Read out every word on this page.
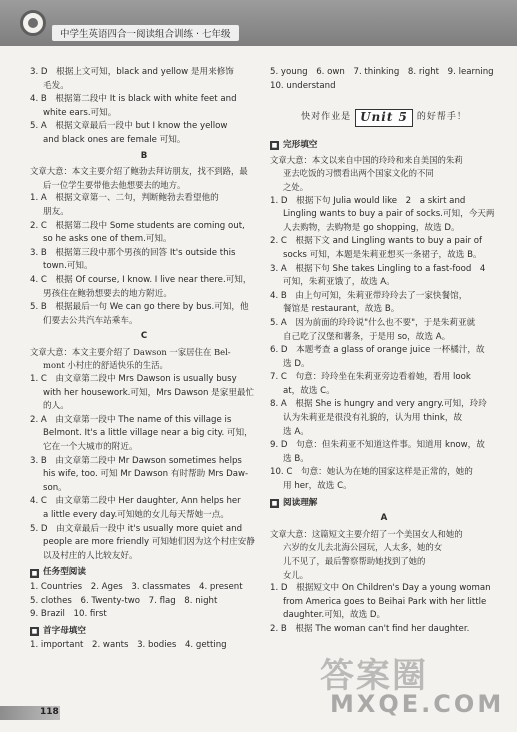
中学生英语四合一阅读组合训练 · 七年级

3. D　根据上文可知，black and yellow 是用来修饰

毛发。

4. B　根据第二段中 It is black with white feet and

white ears.可知。

5. A　根据文章最后一段中 but I know the yellow

and black ones are female 可知。

B

文章大意：本文主要介绍了鲍勃去拜访朋友，找不到路，最

后一位学生要带他去他想要去的地方。

1. A　根据文章第一、二句，判断鲍勃去看望他的

朋友。

2. C　根据第二段中 Some students are coming out,

so he asks one of them.可知。

3. B　根据第三段中那个男孩的回答 It's outside this

town.可知。

4. C　根据 Of course, I know. I live near there.可知，

男孩住在鲍勃想要去的地方附近。

5. B　根据最后一句 We can go there by bus.可知，他

们要去公共汽车站乘车。

C

文章大意：本文主要介绍了 Dawson 一家居住在 Bel-

mont 小村庄的舒适快乐的生活。

1. C　由文章第二段中 Mrs Dawson is usually busy

with her housework.可知，Mrs Dawson 是家里最忙的人。

2. A　由文章第一段中 The name of this village is

Belmont. It's a little village near a big city. 可知，它在一个大城市的附近。

3. B　由文章第二段中 Mr Dawson sometimes helps

his wife, too. 可知 Mr Dawson 有时帮助 Mrs Daw-

son。

4. C　由文章第二段中 Her daughter, Ann helps her

a little every day.可知她的女儿每天帮她一点。

5. D　由文章最后一段中 it's usually more quiet and

people are more friendly 可知她们因为这个村庄安静

以及村庄的人比较友好。

■ 任务型阅读

1. Countries　2. Ages　3. classmates　4. present

5. clothes　6. Twenty-two　7. flag　8. night

9. Brazil　10. first

■ 首字母填空

1. important　2. wants　3. bodies　4. getting

5. young　6. own　7. thinking　8. right　9. learning

10. understand

快对作业是 Unit 5	的好帮手！
■ 完形填空

文章大意：本文以来自中国的玲玲和来自美国的朱莉

亚去吃饭的习惯看出两个国家文化的不同

之处。

1. D　根据下句 Julia would like　2　a skirt and

Lingling wants to buy a pair of socks.可知，今天两

人去购物，去购物是 go shopping，故选 D。

2. C　根据下文 and Lingling wants to buy a pair of

socks 可知，本题是朱莉亚想买一条裙子，故选 B。

3. A　根据下句 She takes Lingling to a fast-food　4

可知，朱莉亚饿了，故选 A。

4. B　由上句可知，朱莉亚带玲玲去了一家快餐馆，

餐馆是 restaurant，故选 B。

5. A　因为前面的玲玲说"什么也不要"，于是朱莉亚就

自己吃了汉堡和薯条，于是用 so，故选 A。

6. D　本题考查 a glass of orange juice 一杯橘汁，故

选 D。

7. C　句意：玲玲坐在朱莉亚旁边看着她，看用 look

at，故选 C。

8. A　根据 She is hungry and very angry.可知，玲玲

认为朱莉亚是很没有礼貌的，认为用 think，故

选 A。

9. D　句意：但朱莉亚不知道这件事。知道用 know，故

选 B。

10. C　句意：她认为在她的国家这样是正常的，她的

用 her，故选 C。

■ 阅读理解

A

文章大意：这篇短文主要介绍了一个美国女人和她的

六岁的女儿去北海公园玩，人太多，她的女

儿不见了，最后警察帮助她找到了她的

女儿。

1. D　根据短文中 On Children's Day a young woman

from America goes to Beihai Park with her little

daughter.可知，故选 D。

2. B　根据 The woman can't find her daughter.

118
答案圈
MXQE.COM
